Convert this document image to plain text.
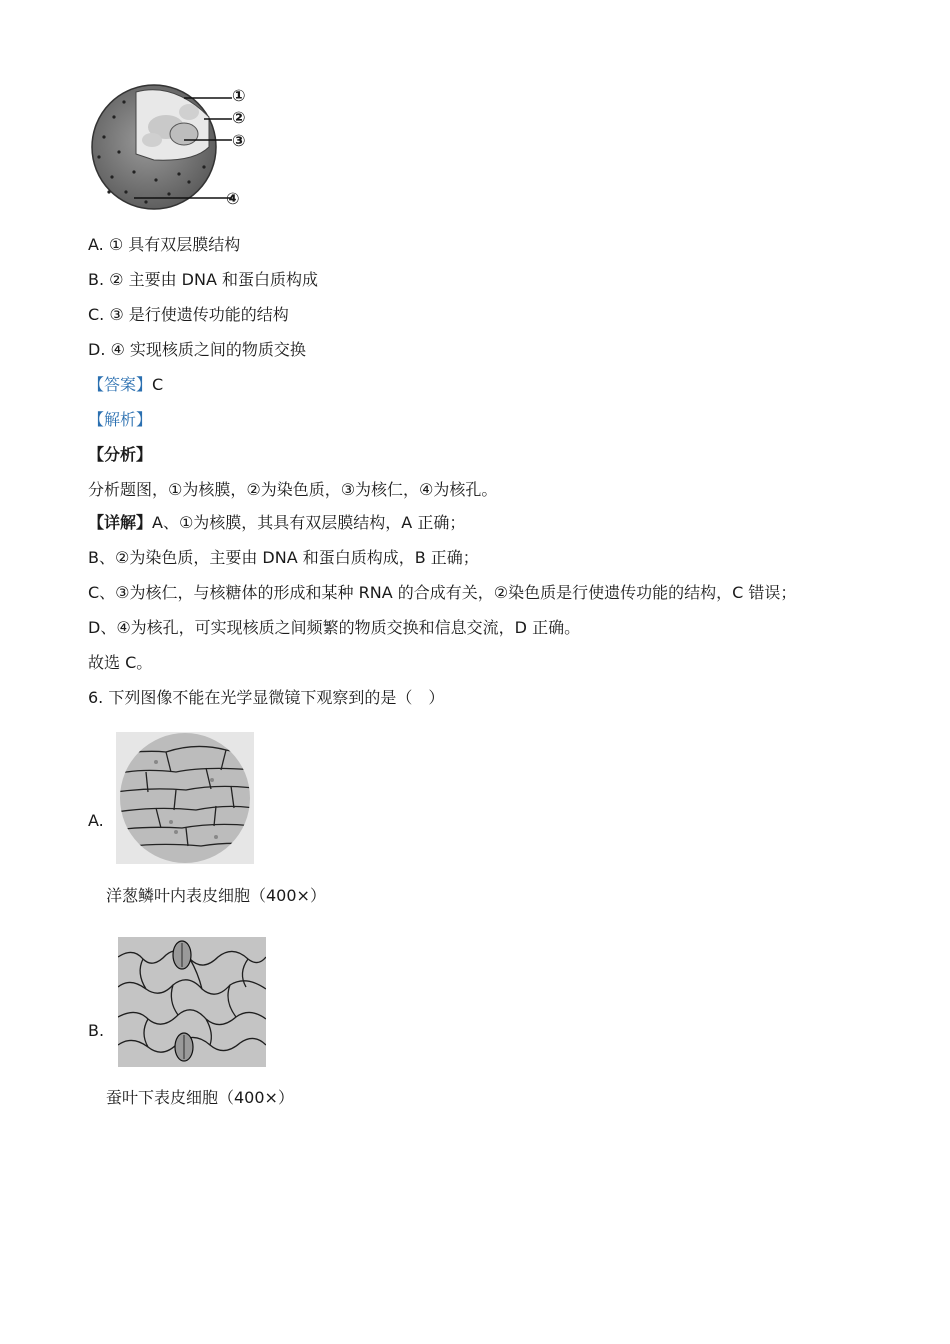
①
②
③
④
A. ① 具有双层膜结构
B. ② 主要由 DNA 和蛋白质构成
C. ③ 是行使遗传功能的结构
D. ④ 实现核质之间的物质交换
【答案】C
【解析】
【分析】
分析题图，①为核膜，②为染色质，③为核仁，④为核孔。
【详解】A、①为核膜，其具有双层膜结构，A 正确；
B、②为染色质，主要由 DNA 和蛋白质构成，B 正确；
C、③为核仁，与核糖体的形成和某种 RNA 的合成有关，②染色质是行使遗传功能的结构，C 错误；
D、④为核孔，可实现核质之间频繁的物质交换和信息交流，D 正确。
故选 C。
6. 下列图像不能在光学显微镜下观察到的是（　）
A.
洋葱鳞叶内表皮细胞（400×）
B.
蚕叶下表皮细胞（400×）
